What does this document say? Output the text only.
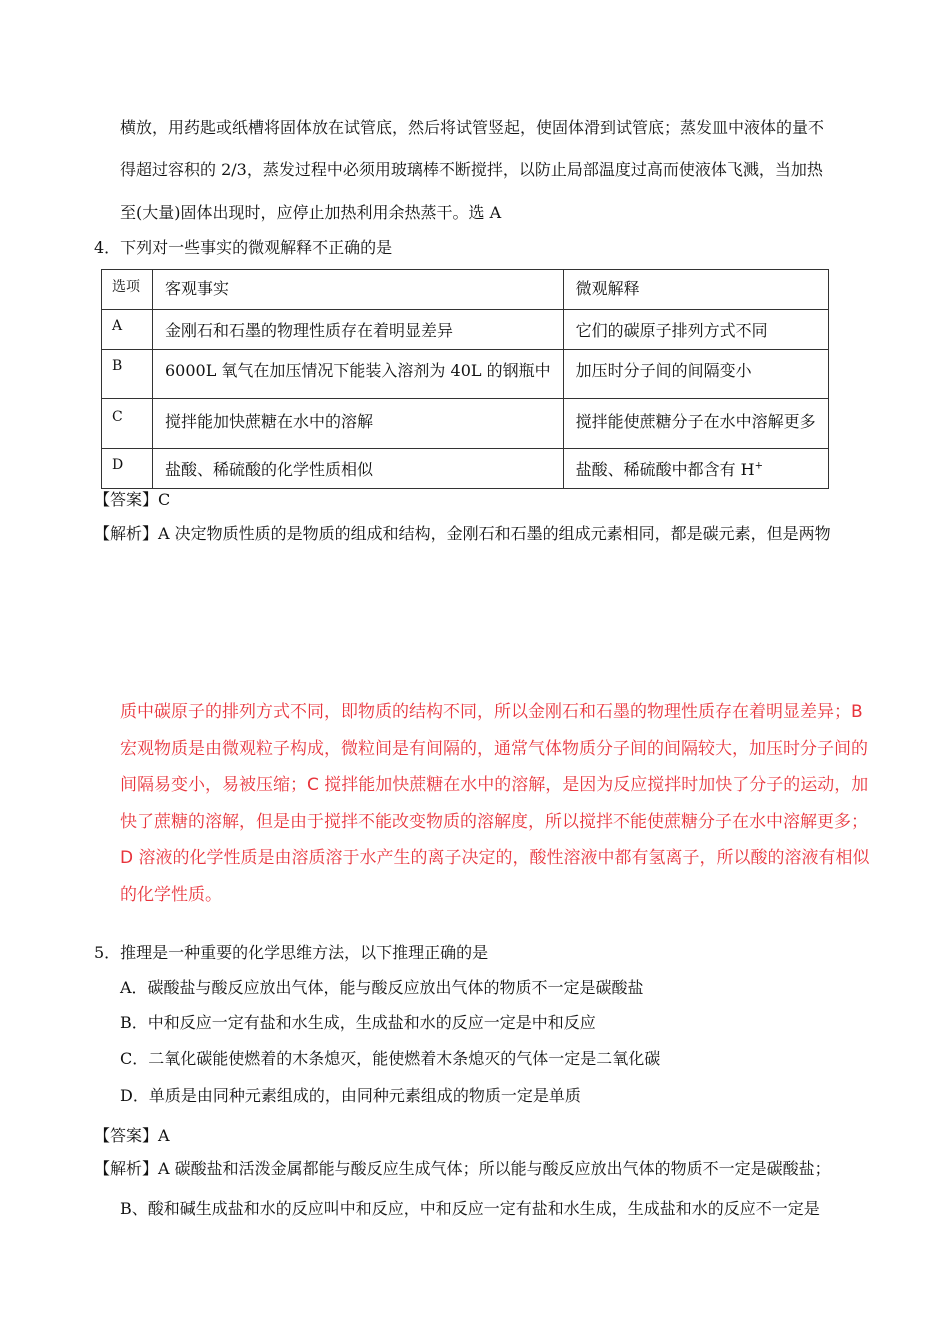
横放，用药匙或纸槽将固体放在试管底，然后将试管竖起，使固体滑到试管底；蒸发皿中液体的量不
得超过容积的 2/3，蒸发过程中必须用玻璃棒不断搅拌，以防止局部温度过高而使液体飞溅，当加热
至(大量)固体出现时，应停止加热利用余热蒸干。选 A
4．下列对一些事实的微观解释不正确的是
选项	客观事实	微观解释
A	金刚石和石墨的物理性质存在着明显差异	它们的碳原子排列方式不同
B	6000L 氧气在加压情况下能装入溶剂为 40L 的钢瓶中	加压时分子间的间隔变小
C	搅拌能加快蔗糖在水中的溶解	搅拌能使蔗糖分子在水中溶解更多
D	盐酸、稀硫酸的化学性质相似	盐酸、稀硫酸中都含有 H+
【答案】C
【解析】A 决定物质性质的是物质的组成和结构，金刚石和石墨的组成元素相同，都是碳元素，但是两物
质中碳原子的排列方式不同，即物质的结构不同，所以金刚石和石墨的物理性质存在着明显差异；B 宏观物质是由微观粒子构成，微粒间是有间隔的，通常气体物质分子间的间隔较大，加压时分子间的间隔易变小，易被压缩；C 搅拌能加快蔗糖在水中的溶解，是因为反应搅拌时加快了分子的运动，加快了蔗糖的溶解，但是由于搅拌不能改变物质的溶解度，所以搅拌不能使蔗糖分子在水中溶解更多；D 溶液的化学性质是由溶质溶于水产生的离子决定的，酸性溶液中都有氢离子，所以酸的溶液有相似的化学性质。
5．推理是一种重要的化学思维方法，以下推理正确的是
A．碳酸盐与酸反应放出气体，能与酸反应放出气体的物质不一定是碳酸盐
B．中和反应一定有盐和水生成，生成盐和水的反应一定是中和反应
C．二氧化碳能使燃着的木条熄灭，能使燃着木条熄灭的气体一定是二氧化碳
D．单质是由同种元素组成的，由同种元素组成的物质一定是单质
【答案】A
【解析】A 碳酸盐和活泼金属都能与酸反应生成气体；所以能与酸反应放出气体的物质不一定是碳酸盐；
B、酸和碱生成盐和水的反应叫中和反应，中和反应一定有盐和水生成，生成盐和水的反应不一定是
